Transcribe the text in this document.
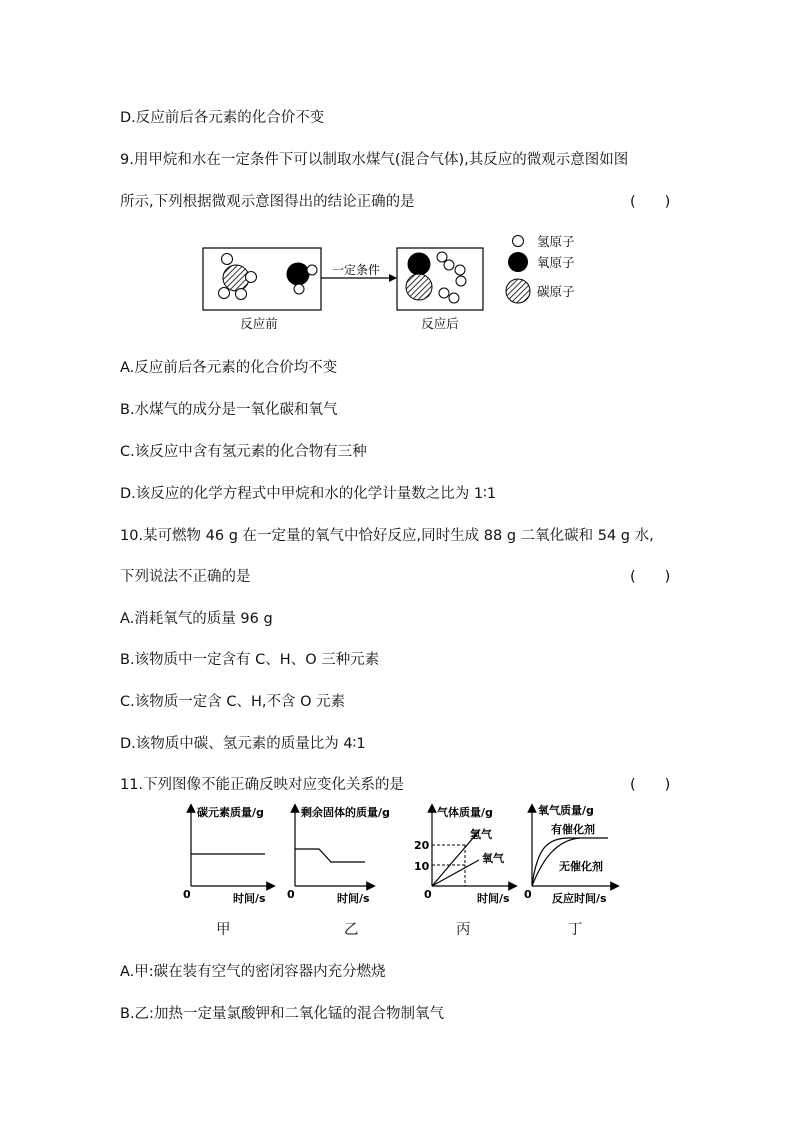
D.反应前后各元素的化合价不变
9.用甲烷和水在一定条件下可以制取水煤气(混合气体),其反应的微观示意图如图
所示,下列根据微观示意图得出的结论正确的是	(　　)
一定条件
反应前	反应后
氢原子
氧原子
碳原子
A.反应前后各元素的化合价均不变
B.水煤气的成分是一氧化碳和氧气
C.该反应中含有氢元素的化合物有三种
D.该反应的化学方程式中甲烷和水的化学计量数之比为 1∶1
10.某可燃物 46 g 在一定量的氧气中恰好反应,同时生成 88 g 二氧化碳和 54 g 水,
下列说法不正确的是	(　　)
A.消耗氧气的质量 96 g
B.该物质中一定含有 C、H、O 三种元素
C.该物质一定含 C、H,不含 O 元素
D.该物质中碳、氢元素的质量比为 4∶1
11.下列图像不能正确反映对应变化关系的是	(　　)
碳元素质量/g
时间/s
0
剩余固体的质量/g
时间/s
0
气体质量/g
时间/s
0
20
10
氢气
氧气
氧气质量/g
反应时间/s
0
有催化剂
无催化剂
甲	乙	丙	丁
A.甲:碳在装有空气的密闭容器内充分燃烧
B.乙:加热一定量氯酸钾和二氧化锰的混合物制氧气
